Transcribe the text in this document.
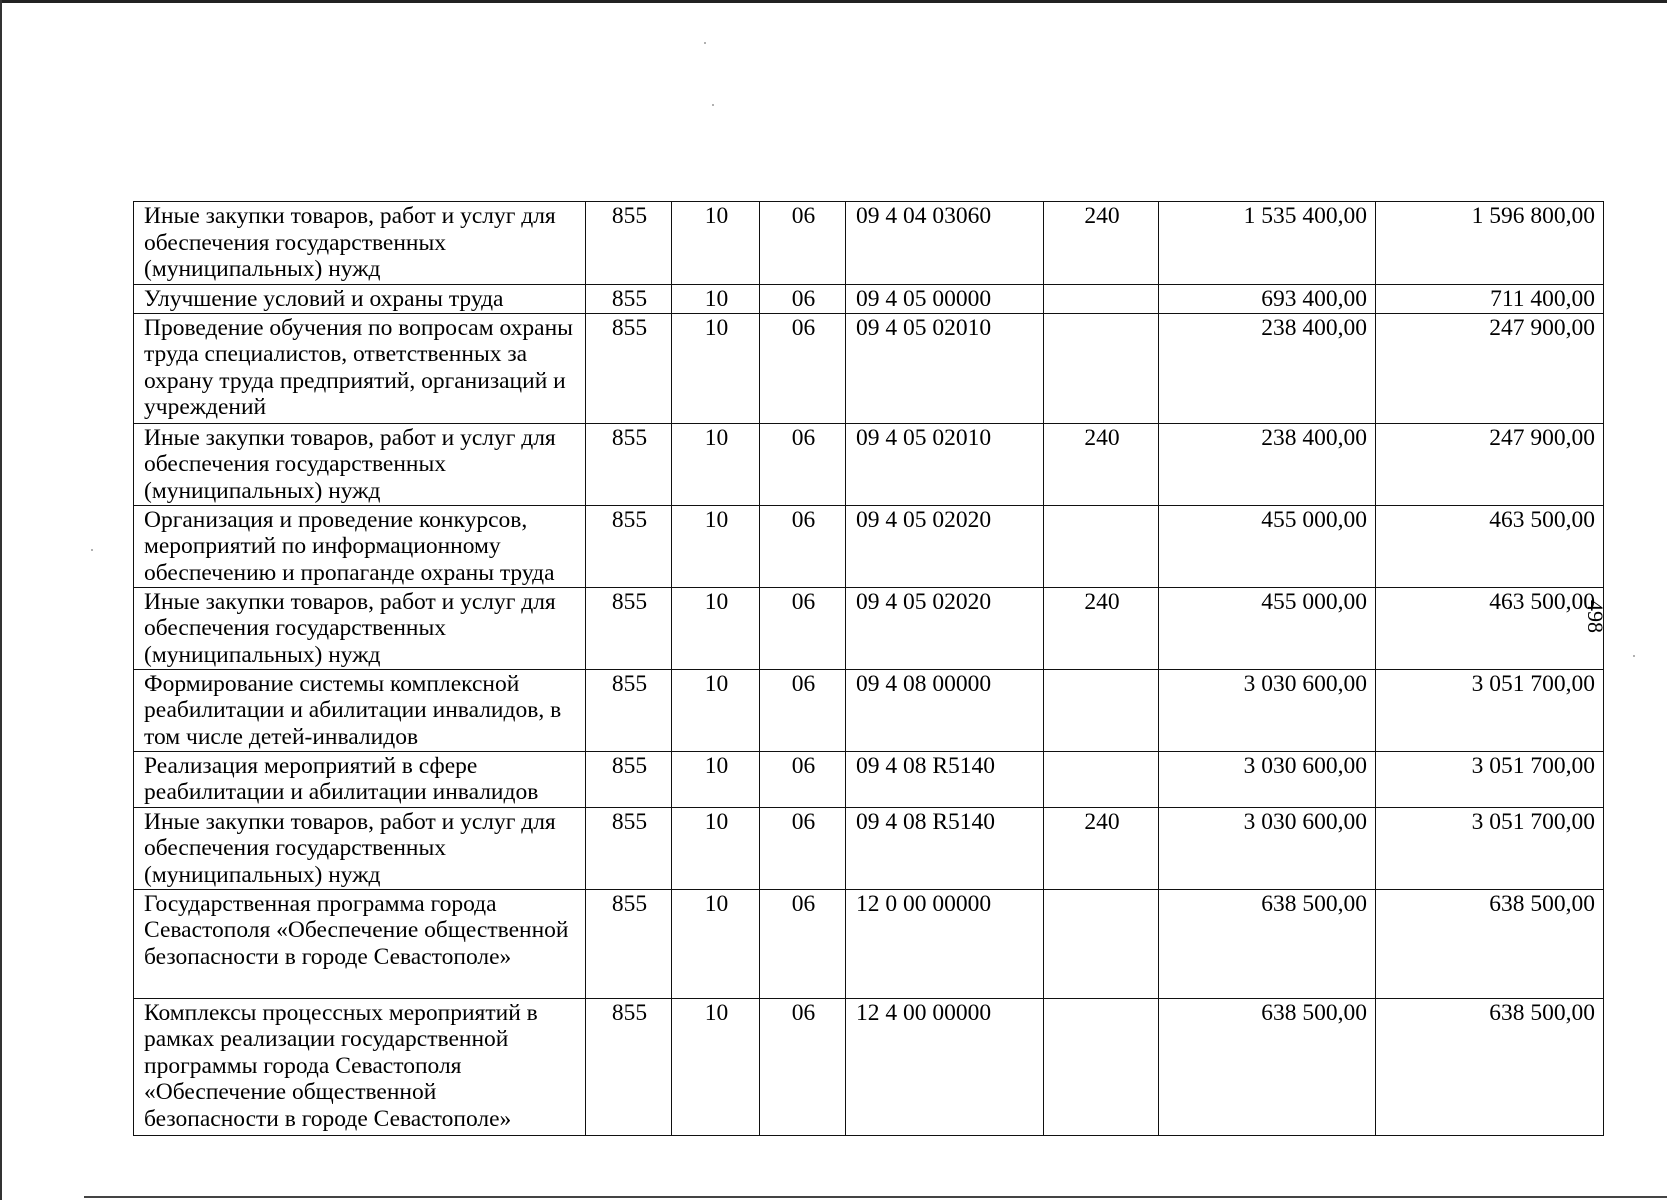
498
Иные закупки товаров, работ и услуг для обеспечения государственных (муниципальных) нужд	855	10	06	09 4 04 03060	240	1 535 400,00	1 596 800,00
Улучшение условий и охраны труда	855	10	06	09 4 05 00000		693 400,00	711 400,00
Проведение обучения по вопросам охраны труда специалистов, ответственных за охрану труда предприятий, организаций и учреждений	855	10	06	09 4 05 02010		238 400,00	247 900,00
Иные закупки товаров, работ и услуг для обеспечения государственных (муниципальных) нужд	855	10	06	09 4 05 02010	240	238 400,00	247 900,00
Организация и проведение конкурсов, мероприятий по информационному обеспечению и пропаганде охраны труда	855	10	06	09 4 05 02020		455 000,00	463 500,00
Иные закупки товаров, работ и услуг для обеспечения государственных (муниципальных) нужд	855	10	06	09 4 05 02020	240	455 000,00	463 500,00
Формирование системы комплексной реабилитации и абилитации инвалидов, в том числе детей-инвалидов	855	10	06	09 4 08 00000		3 030 600,00	3 051 700,00
Реализация мероприятий в сфере реабилитации и абилитации инвалидов	855	10	06	09 4 08 R5140		3 030 600,00	3 051 700,00
Иные закупки товаров, работ и услуг для обеспечения государственных (муниципальных) нужд	855	10	06	09 4 08 R5140	240	3 030 600,00	3 051 700,00
Государственная программа города Севастополя «Обеспечение общественной безопасности в городе Севастополе»	855	10	06	12 0 00 00000		638 500,00	638 500,00
Комплексы процессных мероприятий в рамках реализации государственной программы города Севастополя «Обеспечение общественной безопасности в городе Севастополе»	855	10	06	12 4 00 00000		638 500,00	638 500,00
